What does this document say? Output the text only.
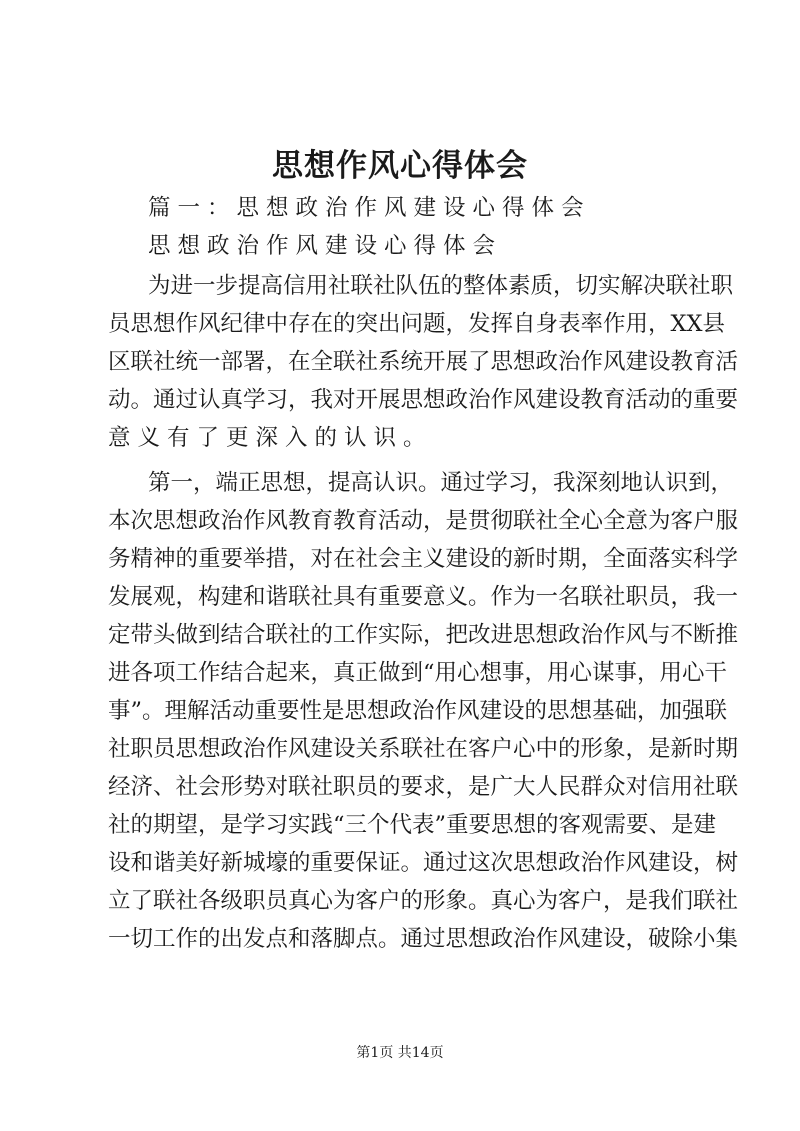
思想作风心得体会
篇一：思想政治作风建设心得体会
思想政治作风建设心得体会
为进一步提高信用社联社队伍的整体素质，切实解决联社职
员思想作风纪律中存在的突出问题，发挥自身表率作用，XX县
区联社统一部署，在全联社系统开展了思想政治作风建设教育活
动。通过认真学习，我对开展思想政治作风建设教育活动的重要
意义有了更深入的认识。
第一，端正思想，提高认识。通过学习，我深刻地认识到，
本次思想政治作风教育教育活动，是贯彻联社全心全意为客户服
务精神的重要举措，对在社会主义建设的新时期，全面落实科学
发展观，构建和谐联社具有重要意义。作为一名联社职员，我一
定带头做到结合联社的工作实际，把改进思想政治作风与不断推
进各项工作结合起来，真正做到“用心想事，用心谋事，用心干
事”。理解活动重要性是思想政治作风建设的思想基础，加强联
社职员思想政治作风建设关系联社在客户心中的形象，是新时期
经济、社会形势对联社职员的要求，是广大人民群众对信用社联
社的期望，是学习实践“三个代表”重要思想的客观需要、是建
设和谐美好新城壕的重要保证。通过这次思想政治作风建设，树
立了联社各级职员真心为客户的形象。真心为客户，是我们联社
一切工作的出发点和落脚点。通过思想政治作风建设，破除小集
第1页 共14页
